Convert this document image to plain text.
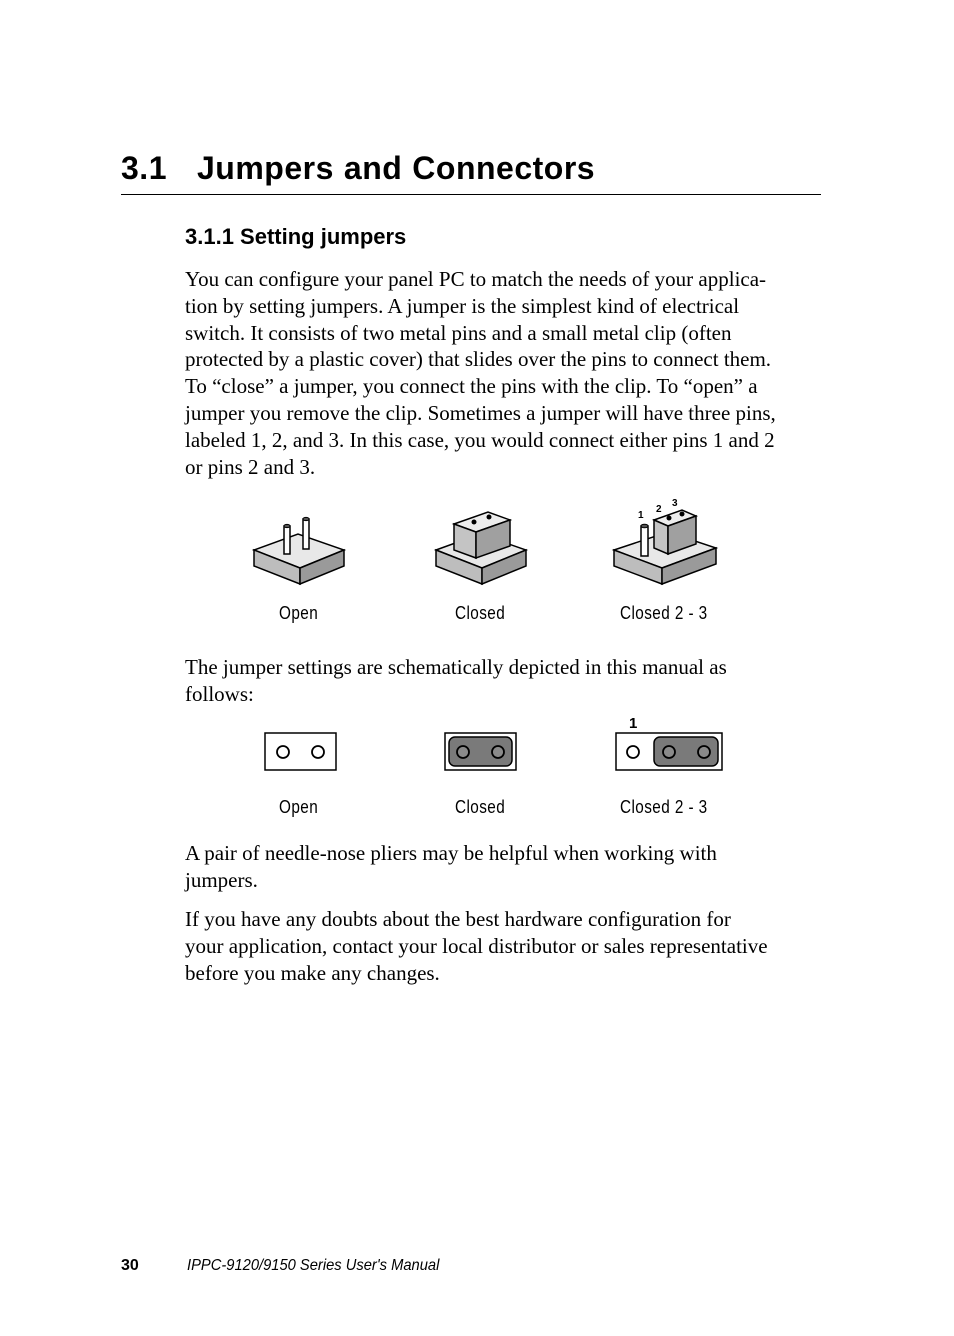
3.1 Jumpers and Connectors
3.1.1 Setting jumpers

You can configure your panel PC to match the needs of your applica-
tion by setting jumpers. A jumper is the simplest kind of electrical
switch. It consists of two metal pins and a small metal clip (often
protected by a plastic cover) that slides over the pins to connect them.
To “close” a jumper, you connect the pins with the clip. To “open” a
jumper you remove the clip. Sometimes a jumper will have three pins,
labeled 1, 2, and 3. In this case, you would connect either pins 1 and 2
or pins 2 and 3.

1
2
3
Open	Closed	Closed 2 - 3

The jumper settings are schematically depicted in this manual as
follows:

1
Open	Closed	Closed 2 - 3

A pair of needle-nose pliers may be helpful when working with
jumpers.

If you have any doubts about the best hardware configuration for
your application, contact your local distributor or sales representative
before you make any changes.

30	IPPC-9120/9150 Series User's Manual
